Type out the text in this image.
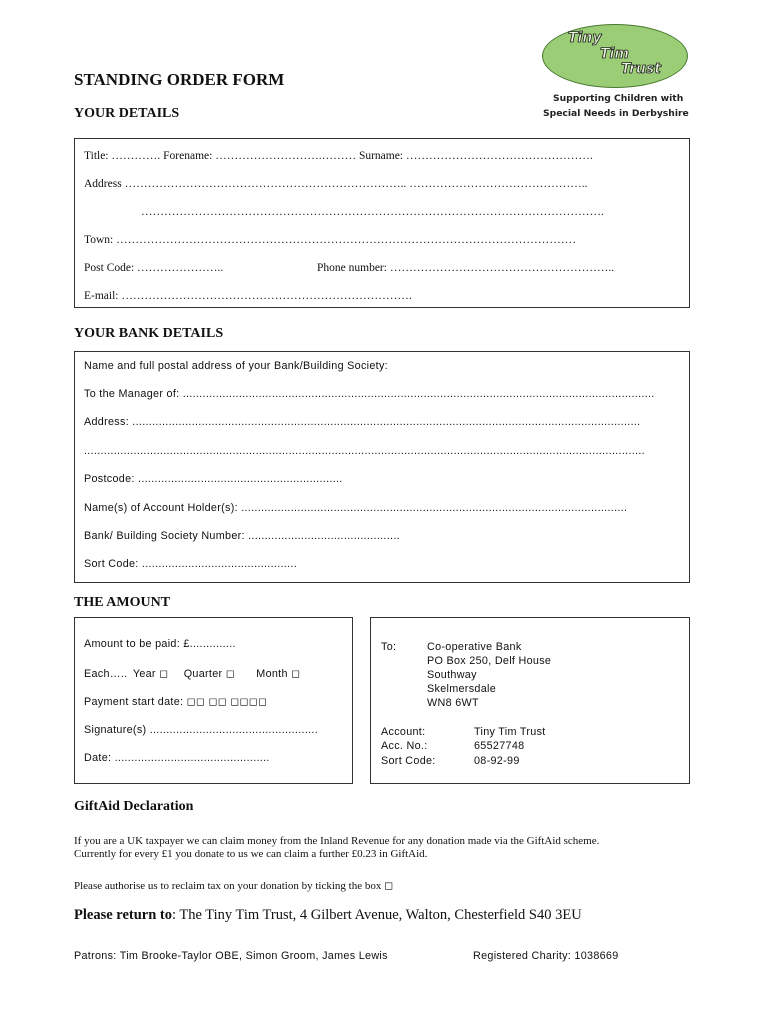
STANDING ORDER FORM
Tiny
Tim
Trust
Supporting Children with
Special Needs in Derbyshire
YOUR DETAILS
Title: …………. Forename: ……………………….……… Surname: ………………………………………….
Address ……………………………………………………………….. ………………………………………..
………………………………………………………………………………………………………….
Town: …………………………………………………………………………………………………………
Post Code: …………………..	Phone number: …………………………………………………..
E-mail: ………………………………………………………………….
YOUR BANK DETAILS
Name and full postal address of your Bank/Building Society:
To the Manager of: ...............................................................................................................................................
Address: ..........................................................................................................................................................
..........................................................................................................................................................................
Postcode: ..............................................................
Name(s) of Account Holder(s): .....................................................................................................................
Bank/ Building Society Number: ..............................................
Sort Code: ...............................................
THE AMOUNT
Amount to be paid: £..............
Each….. Year ◻ Quarter ◻ Month ◻
Payment start date: ◻◻ ◻◻ ◻◻◻◻
Signature(s) ...................................................
Date: ...............................................
To:	Co-operative Bank
PO Box 250, Delf House
Southway
Skelmersdale
WN8 6WT
Account:	Tiny Tim Trust
Acc. No.:	65527748
Sort Code:	08-92-99
GiftAid Declaration
If you are a UK taxpayer we can claim money from the Inland Revenue for any donation made via the GiftAid scheme.
Currently for every £1 you donate to us we can claim a further £0.23 in GiftAid.
Please authorise us to reclaim tax on your donation by ticking the box ◻
Please return to: The Tiny Tim Trust, 4 Gilbert Avenue, Walton, Chesterfield S40 3EU
Patrons: Tim Brooke-Taylor OBE, Simon Groom, James Lewis	Registered Charity: 1038669
